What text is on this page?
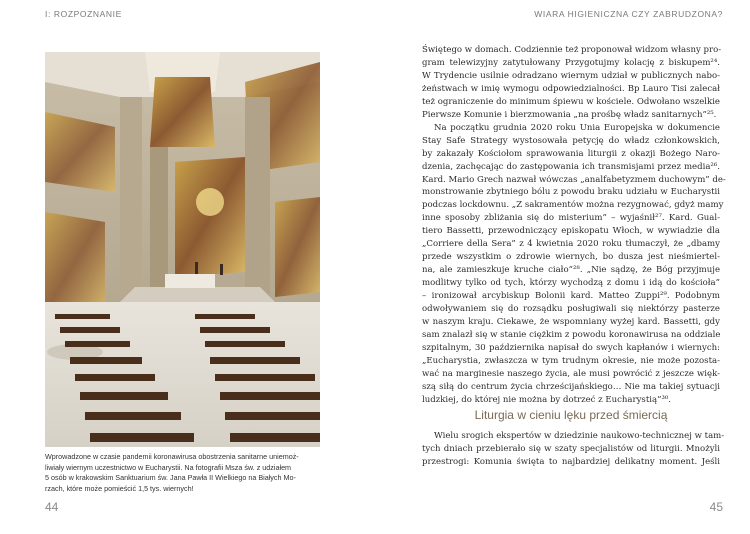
I: ROZPOZNANIE
Wprowadzone w czasie pandemii koronawirusa obostrzenia sanitarne uniemoż-
liwiały wiernym uczestnictwo w Eucharystii. Na fotografii Msza św. z udziałem
5 osób w krakowskim Sanktuarium św. Jana Pawła II Wielkiego na Białych Mo-
rzach, które może pomieścić 1,5 tys. wiernych!
44
WIARA HIGIENICZNA CZY ZABRUDZONA?
Świętego w domach. Codziennie też proponował widzom własny pro-
gram telewizyjny zatytułowany Przygotujmy kolację z biskupem²⁴.
W Trydencie usilnie odradzano wiernym udział w publicznych nabo-
żeństwach w imię wymogu odpowiedzialności. Bp Lauro Tisi zalecał
też ograniczenie do minimum śpiewu w kościele. Odwołano wszelkie
Pierwsze Komunie i bierzmowania „na prośbę władz sanitarnych”²⁵.
Na początku grudnia 2020 roku Unia Europejska w dokumencie
Stay Safe Strategy wystosowała petycję do władz członkowskich,
by zakazały Kościołom sprawowania liturgii z okazji Bożego Naro-
dzenia, zachęcając do zastępowania ich transmisjami przez media²⁶.
Kard. Mario Grech nazwał wówczas „analfabetyzmem duchowym” de-
monstrowanie zbytniego bólu z powodu braku udziału w Eucharystii
podczas lockdownu. „Z sakramentów można rezygnować, gdyż mamy
inne sposoby zbliżania się do misterium” – wyjaśnił²⁷. Kard. Gual-
tiero Bassetti, przewodniczący episkopatu Włoch, w wywiadzie dla
„Corriere della Sera” z 4 kwietnia 2020 roku tłumaczył, że „dbamy
przede wszystkim o zdrowie wiernych, bo dusza jest nieśmiertel-
na, ale zamieszkuje kruche ciało”²⁸. „Nie sądzę, że Bóg przyjmuje
modlitwy tylko od tych, którzy wychodzą z domu i idą do kościoła”
– ironizował arcybiskup Bolonii kard. Matteo Zuppi²⁹. Podobnym
odwoływaniem się do rozsądku posługiwali się niektórzy pasterze
w naszym kraju. Ciekawe, że wspomniany wyżej kard. Bassetti, gdy
sam znalazł się w stanie ciężkim z powodu koronawirusa na oddziale
szpitalnym, 30 października napisał do swych kapłanów i wiernych:
„Eucharystia, zwłaszcza w tym trudnym okresie, nie może pozosta-
wać na marginesie naszego życia, ale musi powrócić z jeszcze więk-
szą siłą do centrum życia chrześcijańskiego… Nie ma takiej sytuacji
ludzkiej, do której nie można by dotrzeć z Eucharystią”³⁰.
Liturgia w cieniu lęku przed śmiercią
Wielu srogich ekspertów w dziedzinie naukowo-technicznej w tam-
tych dniach przebierało się w szaty specjalistów od liturgii. Mnożyli
przestrogi: Komunia święta to najbardziej delikatny moment. Jeśli
45
